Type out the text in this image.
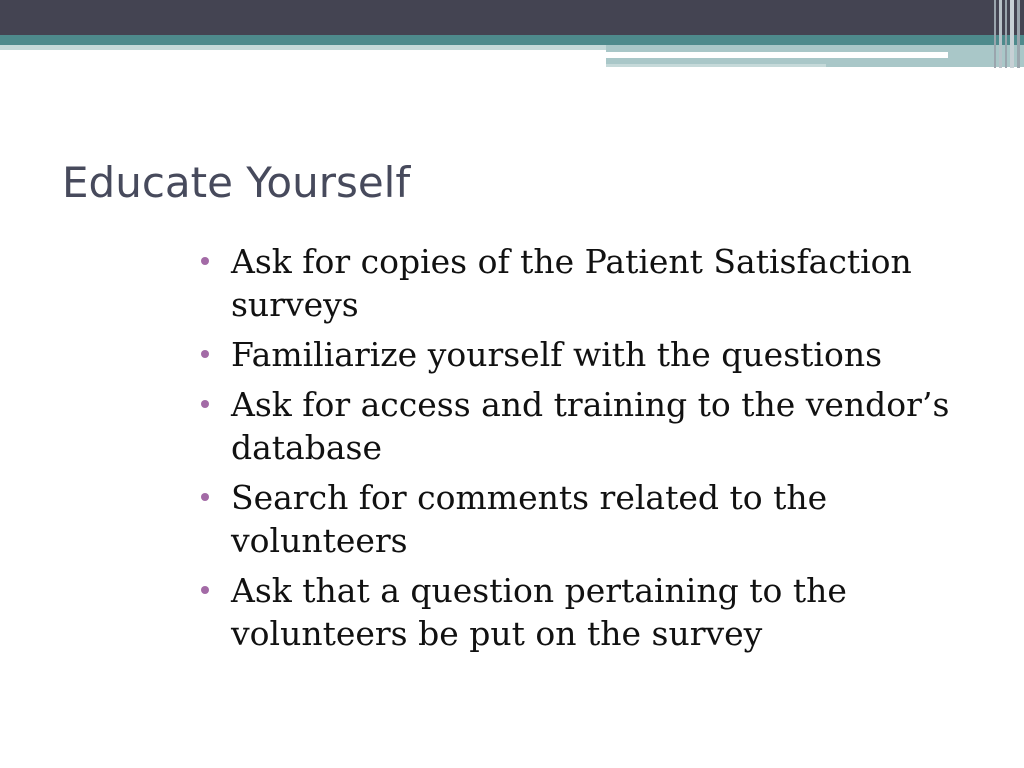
Educate Yourself
Ask for copies of the Patient Satisfaction surveys
Familiarize yourself with the questions
Ask for access and training to the vendor’s database
Search for comments related to the volunteers
Ask that a question pertaining to the volunteers be put on the survey
